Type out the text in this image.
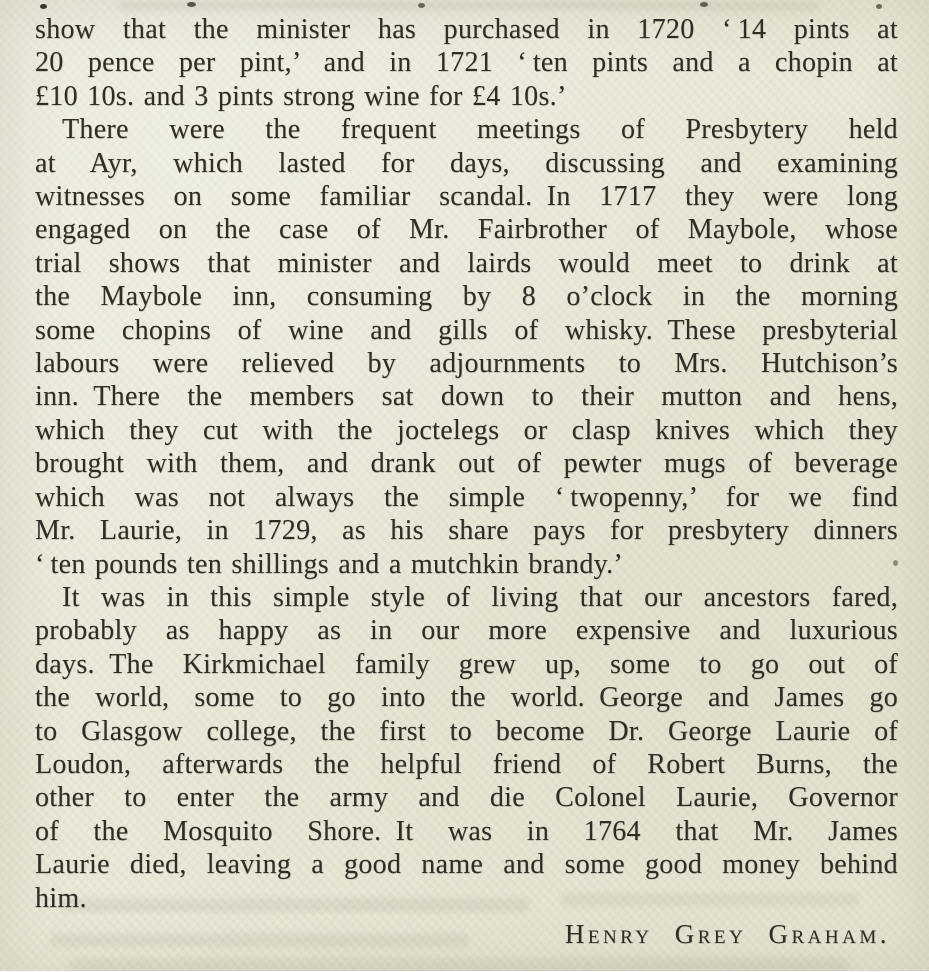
show that the minister has purchased in 1720 ‘ 14 pints at
20 pence per pint,’ and in 1721 ‘ ten pints and a chopin at
£10 10s. and 3 pints strong wine for £4 10s.’
There were the frequent meetings of Presbytery held
at Ayr, which lasted for days, discussing and examining
witnesses on some familiar scandal. In 1717 they were long
engaged on the case of Mr. Fairbrother of Maybole, whose
trial shows that minister and lairds would meet to drink at
the Maybole inn, consuming by 8 o’clock in the morning
some chopins of wine and gills of whisky. These presbyterial
labours were relieved by adjournments to Mrs. Hutchison’s
inn. There the members sat down to their mutton and hens,
which they cut with the joctelegs or clasp knives which they
brought with them, and drank out of pewter mugs of beverage
which was not always the simple ‘ twopenny,’ for we find
Mr. Laurie, in 1729, as his share pays for presbytery dinners
‘ ten pounds ten shillings and a mutchkin brandy.’
It was in this simple style of living that our ancestors fared,
probably as happy as in our more expensive and luxurious
days. The Kirkmichael family grew up, some to go out of
the world, some to go into the world. George and James go
to Glasgow college, the first to become Dr. George Laurie of
Loudon, afterwards the helpful friend of Robert Burns, the
other to enter the army and die Colonel Laurie, Governor
of the Mosquito Shore. It was in 1764 that Mr. James
Laurie died, leaving a good name and some good money behind
him.
Henry Grey Graham.
